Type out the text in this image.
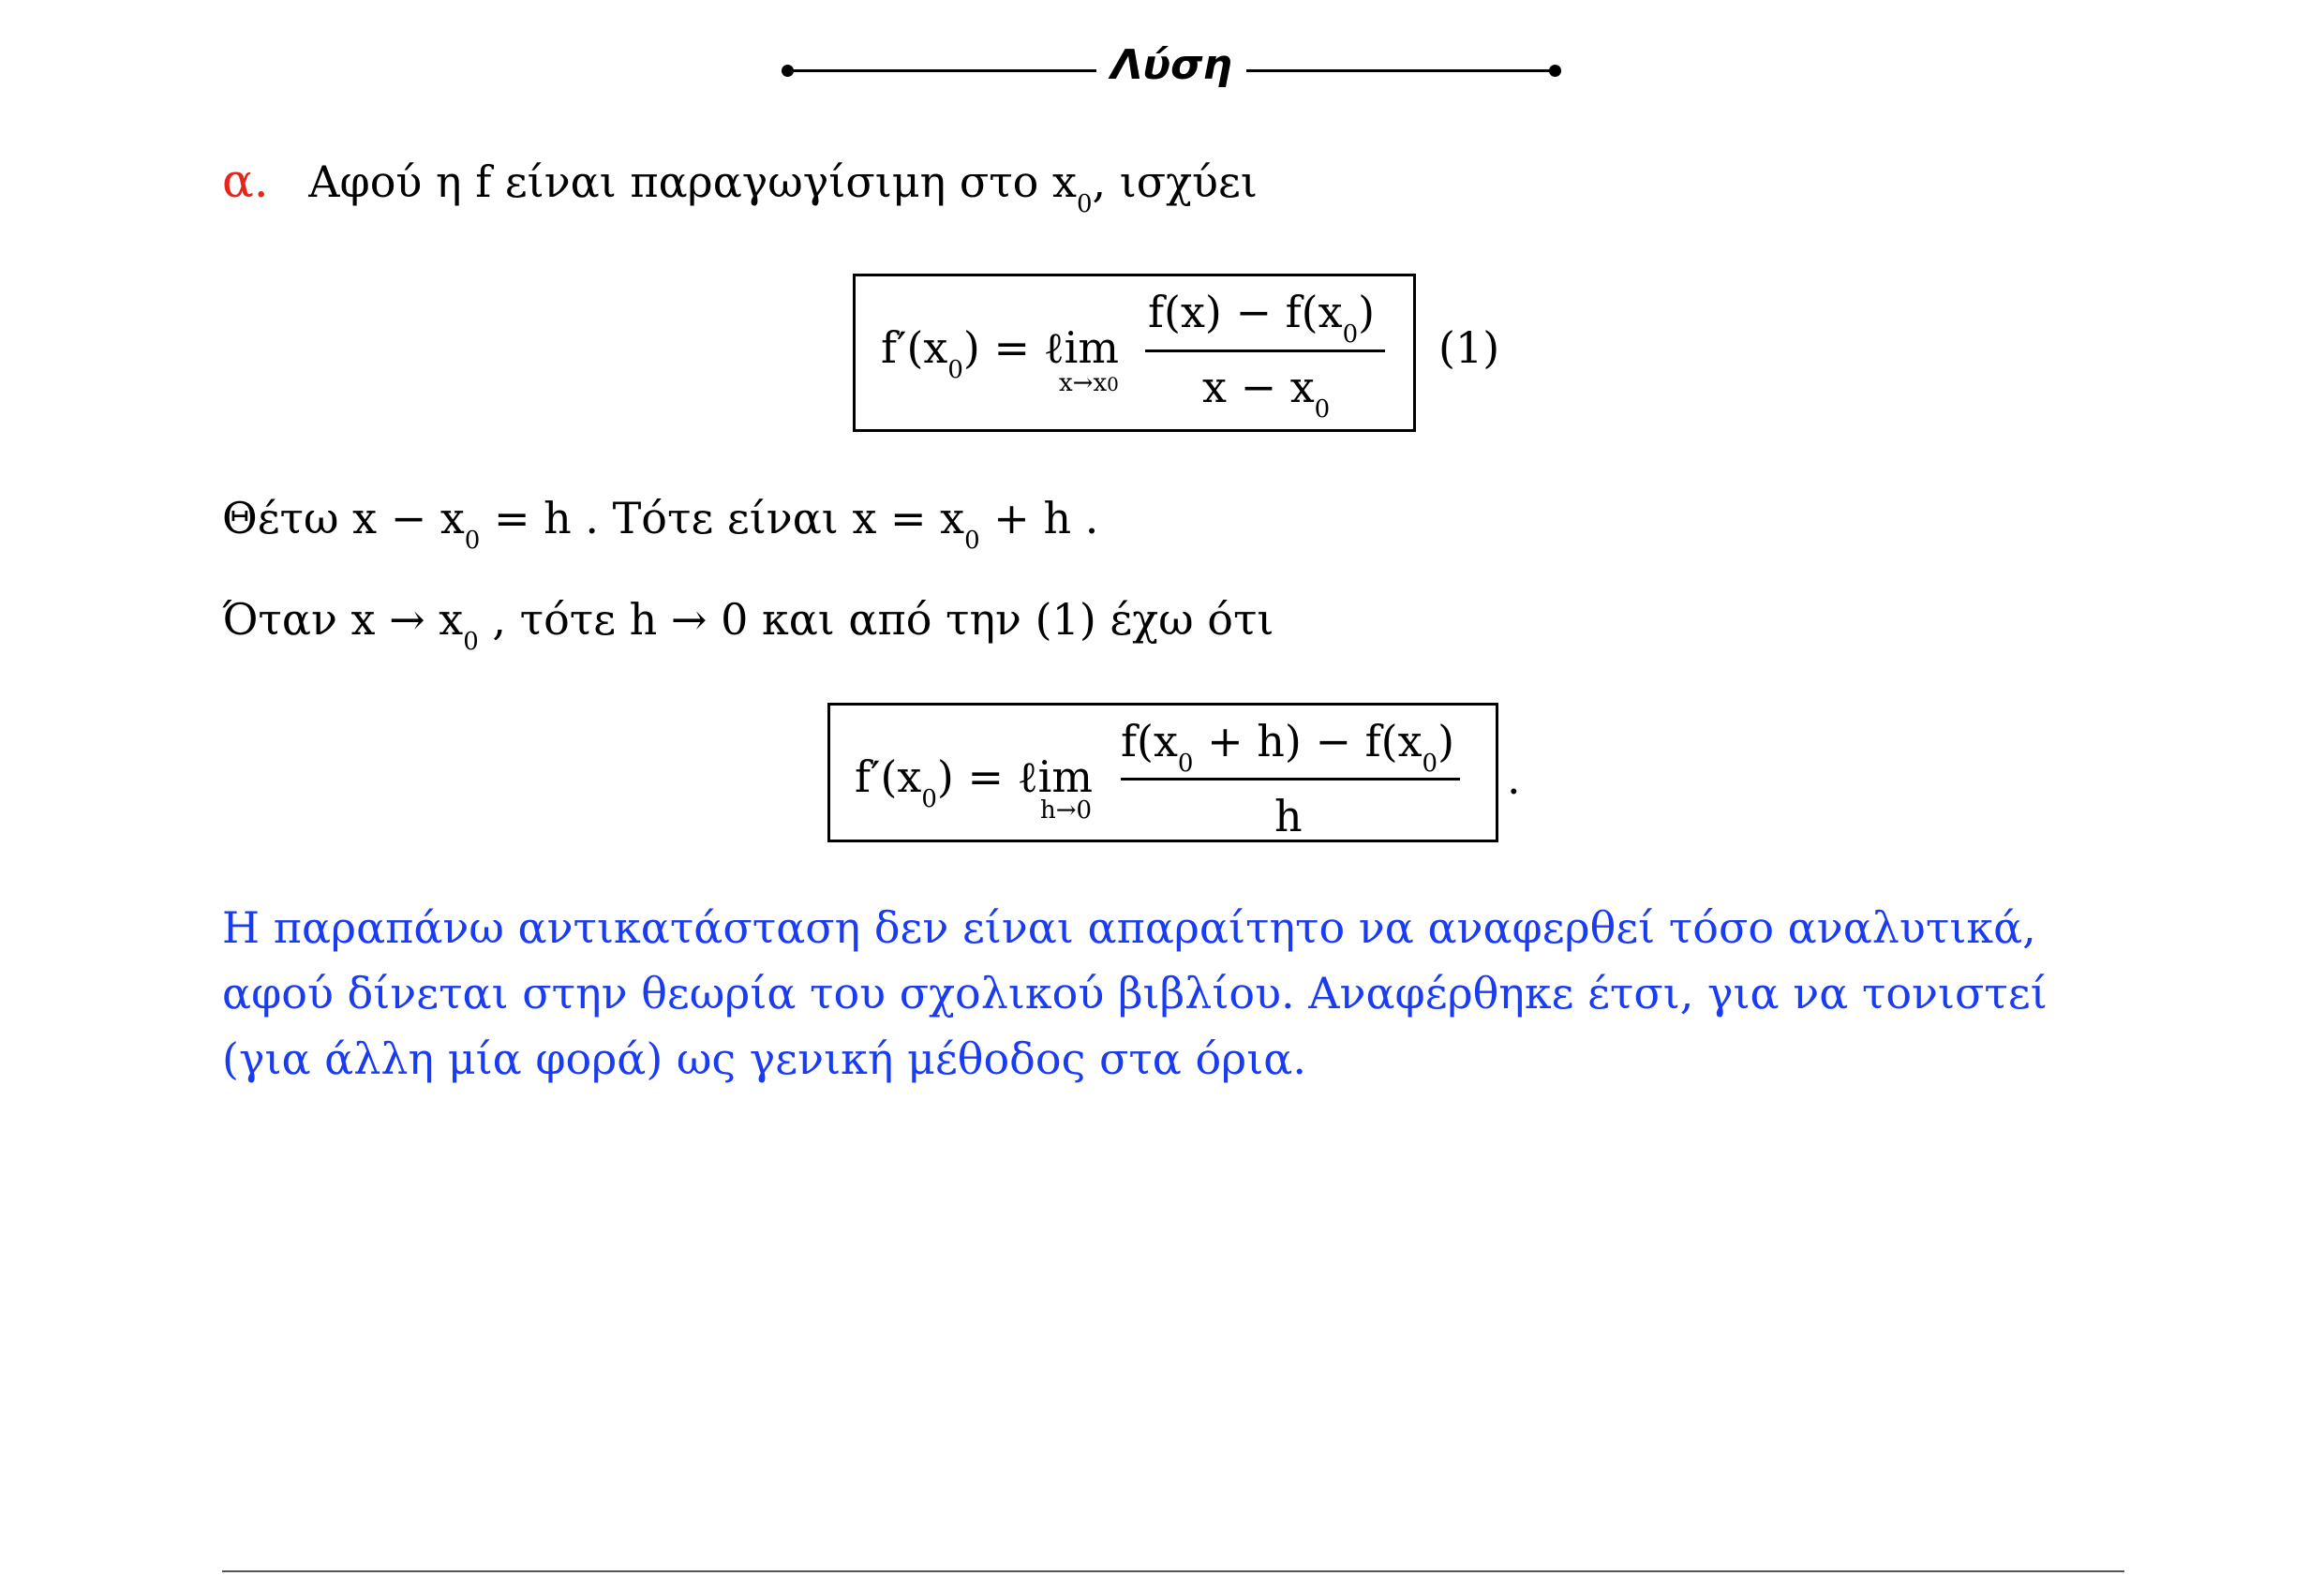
Λύση
α. Αφού η f είναι παραγωγίσιμη στο $x_0$, ισχύει
$f'(x_0)$ = ℓim
x→x0
$f(x) - f(x_0)$
$x - x_0$
(1)
Θέτω $x - x_0 = h$ . Τότε είναι $x = x_0 + h$ .
Όταν $x \to x_0$ , τότε h → 0 και από την (1) έχω ότι
$f'(x_0)$ = ℓim
h→0
$f(x_0 + h) - f(x_0)$
h
.
Η παραπάνω αντικατάσταση δεν είναι απαραίτητο να αναφερθεί τόσο αναλυτικά, αφού δίνεται στην θεωρία του σχολικού βιβλίου. Αναφέρθηκε έτσι, για να τονιστεί (για άλλη μία φορά) ως γενική μέθοδος στα όρια.
